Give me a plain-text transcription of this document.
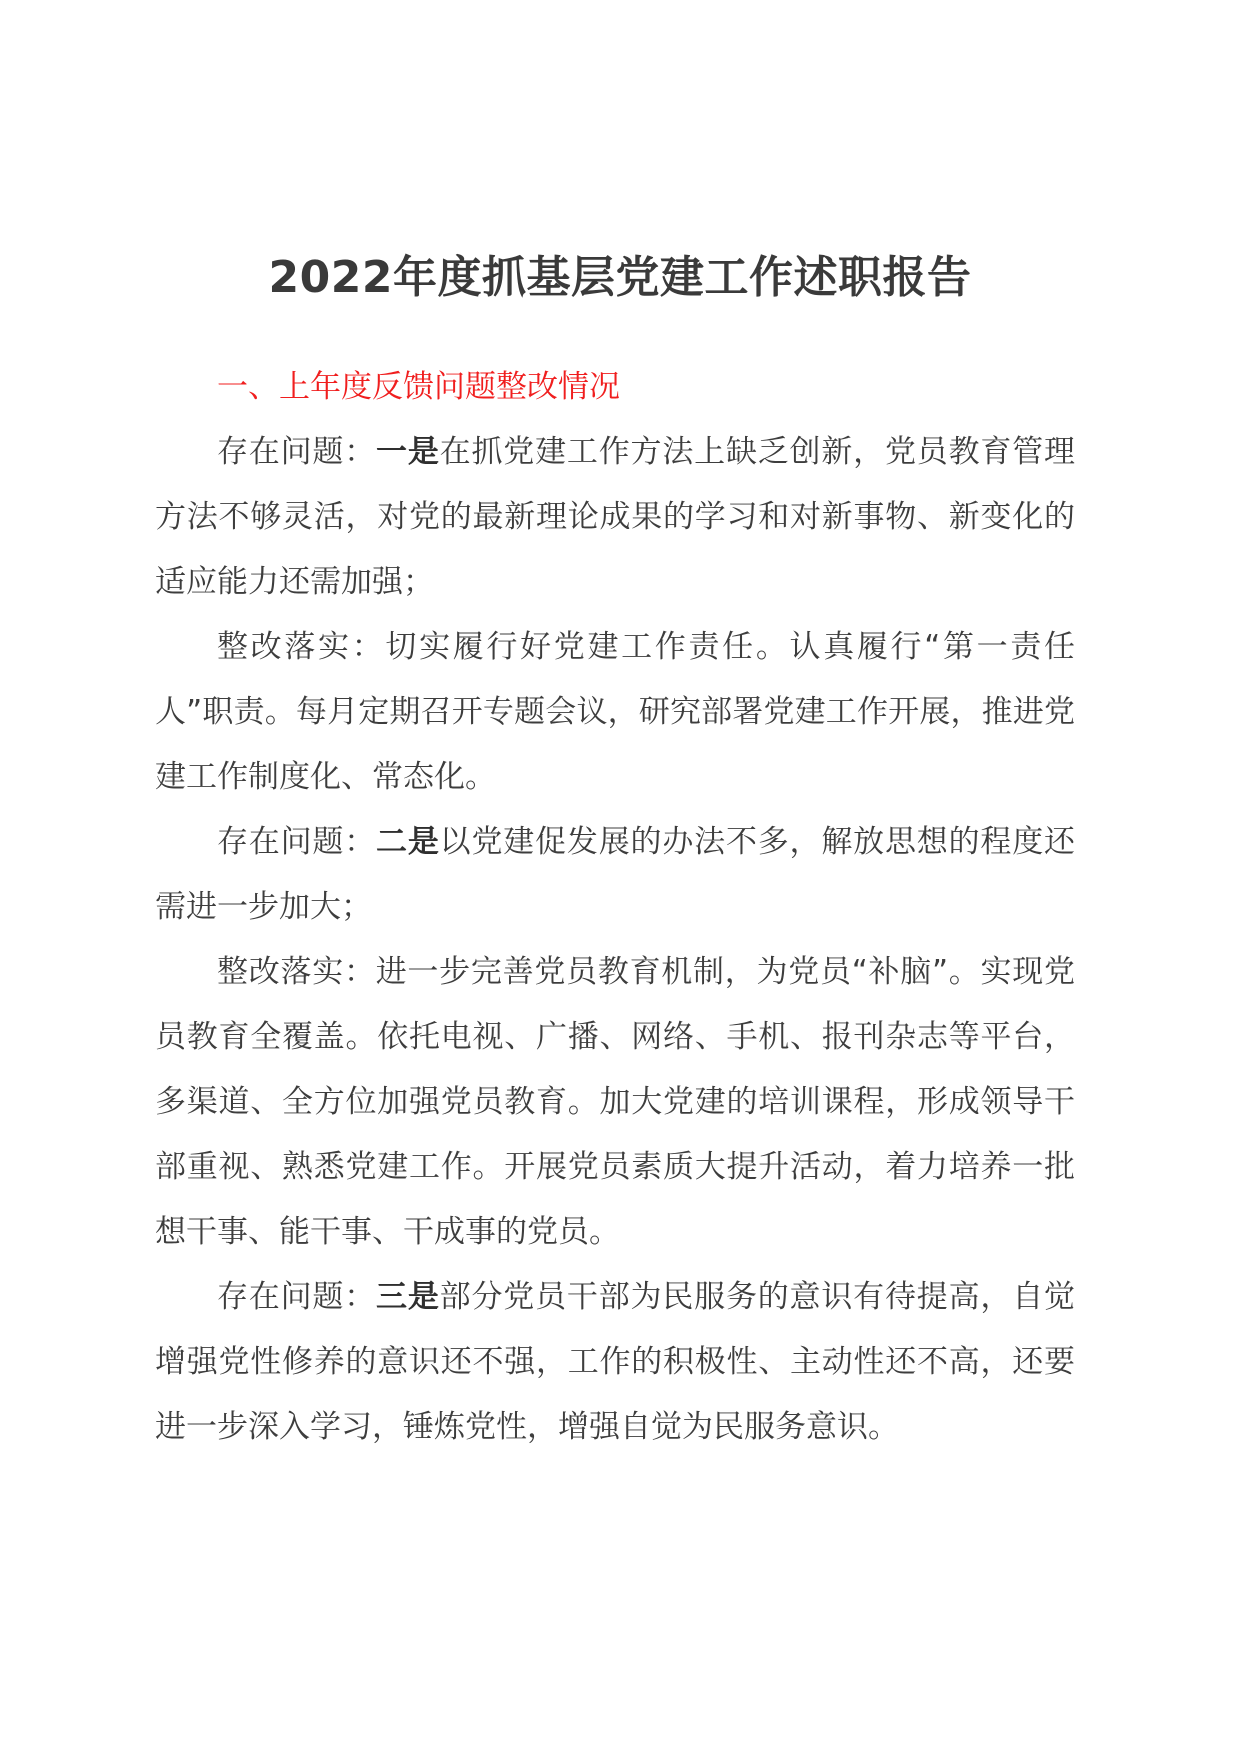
2022年度抓基层党建工作述职报告
一、上年度反馈问题整改情况

存在问题：一是在抓党建工作方法上缺乏创新，党员教育管理方法不够灵活，对党的最新理论成果的学习和对新事物、新变化的适应能力还需加强；

整改落实：切实履行好党建工作责任。认真履行“第一责任人”职责。每月定期召开专题会议，研究部署党建工作开展，推进党建工作制度化、常态化。

存在问题：二是以党建促发展的办法不多，解放思想的程度还需进一步加大；

整改落实：进一步完善党员教育机制，为党员“补脑”。实现党员教育全覆盖。依托电视、广播、网络、手机、报刊杂志等平台，多渠道、全方位加强党员教育。加大党建的培训课程，形成领导干部重视、熟悉党建工作。开展党员素质大提升活动，着力培养一批想干事、能干事、干成事的党员。

存在问题：三是部分党员干部为民服务的意识有待提高，自觉增强党性修养的意识还不强，工作的积极性、主动性还不高，还要进一步深入学习，锤炼党性，增强自觉为民服务意识。
